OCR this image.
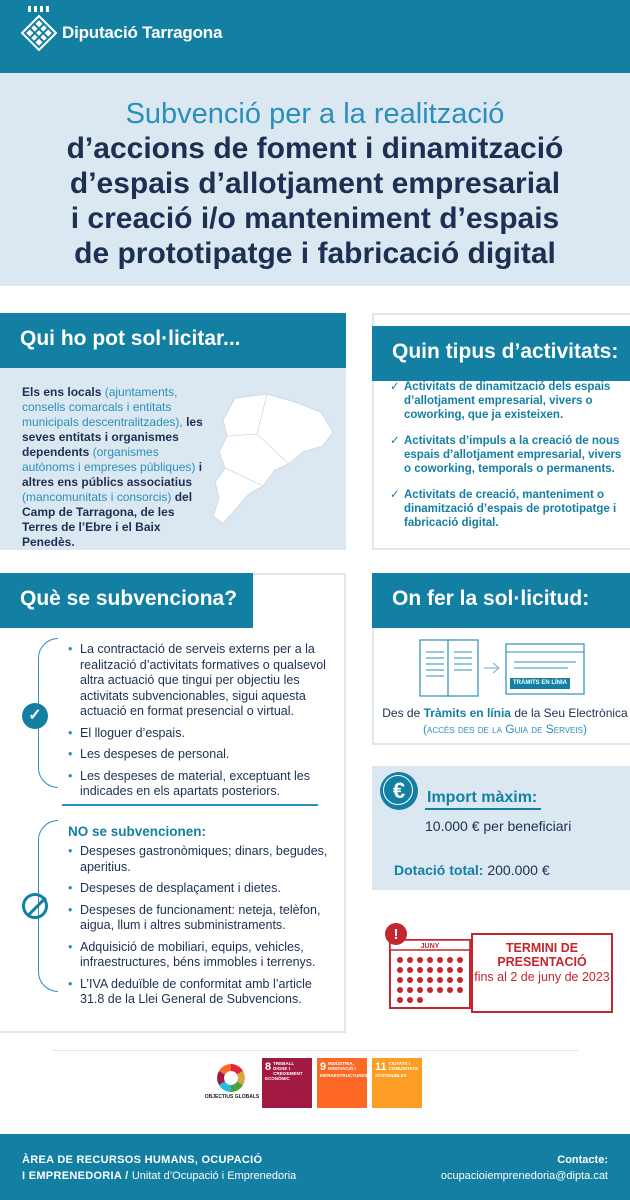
Diputació Tarragona
Subvenció per a la realització
d’accions de foment i dinamització
d’espais d’allotjament empresarial
i creació i/o manteniment d’espais
de prototipatge i fabricació digital
Qui ho pot sol·licitar...
Els ens locals (ajuntaments, consells comarcals i entitats municipals descentralitzades), les seves entitats i organismes dependents (organismes autònoms i empreses públiques) i altres ens públics associatius (mancomunitats i consorcis) del Camp de Tarragona, de les Terres de l’Ebre i el Baix Penedès.
Quin tipus d’activitats:
✓ Activitats de dinamització dels espais d’allotjament empresarial, vivers o coworking, que ja existeixen.
✓ Activitats d’impuls a la creació de nous espais d’allotjament empresarial, vivers o coworking, temporals o permanents.
✓ Activitats de creació, manteniment o dinamització d’espais de prototipatge i fabricació digital.
Què se subvenciona?
✓
• La contractació de serveis externs per a la realització d’activitats formatives o qualsevol altra actuació que tingui per objectiu les activitats subvencionables, sigui aquesta actuació en format presencial o virtual.
• El lloguer d’espais.
• Les despeses de personal.
• Les despeses de material, exceptuant les indicades en els apartats posteriors.
NO se subvencionen:
• Despeses gastronòmiques; dinars, begudes, aperitius.
• Despeses de desplaçament i dietes.
• Despeses de funcionament: neteja, telèfon, aigua, llum i altres subministraments.
• Adquisició de mobiliari, equips, vehicles, infraestructures, béns immobles i terrenys.
• L’IVA deduïble de conformitat amb l’article 31.8 de la Llei General de Subvencions.
On fer la sol·licitud:
TRÀMITS EN LÍNIA
Des de Tràmits en línia de la Seu Electrònica
(accés des de la Guia de Serveis)
€	Import màxim:
10.000 € per beneficiari
Dotació total: 200.000 €
JUNY
!
TERMINI DE PRESENTACIÓ
fins al 2 de juny de 2023
OBJECTIUS GLOBALS
8 TREBALL DIGNE I CREIXEMENT ECONÒMIC
9 INDÚSTRIA, INNOVACIÓ I INFRAESTRUCTURES
11 CIUTATS I COMUNITATS SOSTENIBLES
ÀREA DE RECURSOS HUMANS, OCUPACIÓ
I EMPRENEDORIA / Unitat d’Ocupació i Emprenedoria
Contacte:
ocupacioiemprenedoria@dipta.cat
